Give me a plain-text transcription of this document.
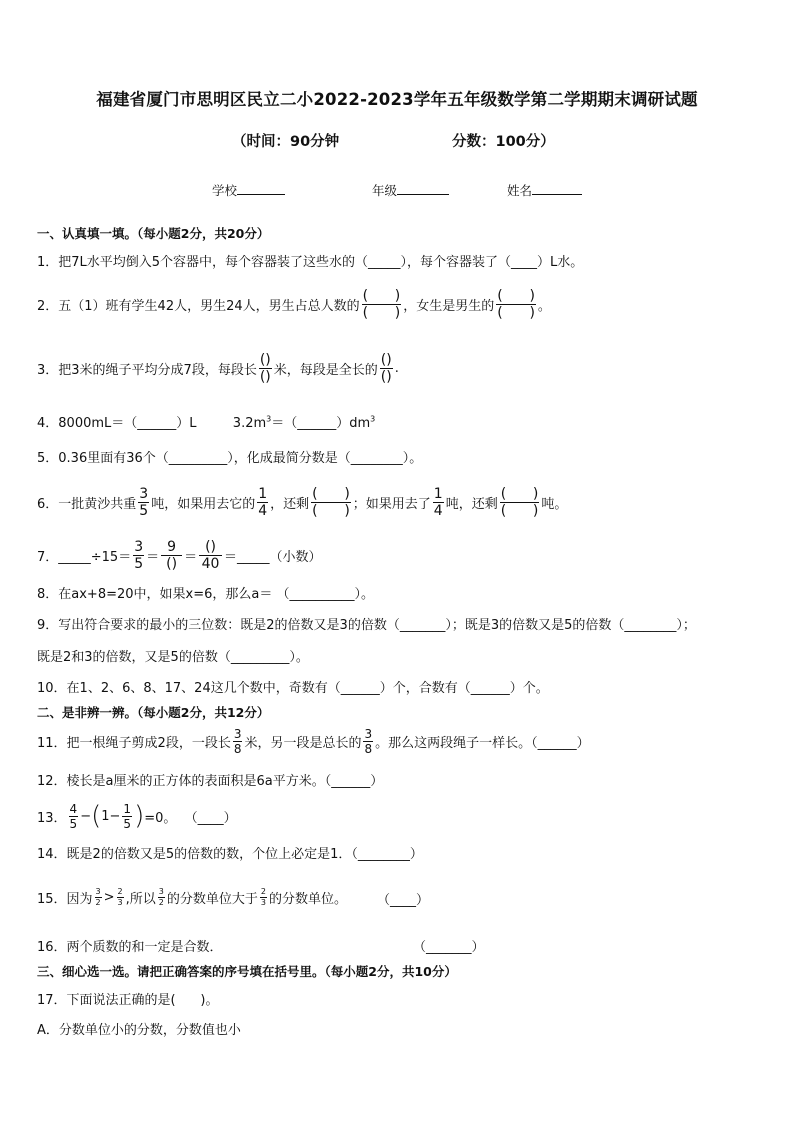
福建省厦门市思明区民立二小2022-2023学年五年级数学第二学期期末调研试题
（时间：90分钟	分数：100分）
学校	年级	姓名
一、认真填一填。（每小题2分，共20分）
1．把7L水平均倒入5个容器中，每个容器装了这些水的（_____），每个容器装了（____）L水。
2．五（1）班有学生42人，男生24人，男生占总人数的 $\frac{( )}{( )}$ ，女生是男生的 $\frac{( )}{( )}$ 。
3．把3米的绳子平均分成7段，每段长 $\frac{()}{()}$ 米，每段是全长的 $\frac{()}{()}$ .
4．8000mL＝（______）L	$3.2m^3=(\_\_\_\_\_\_)dm^3$
5．0.36里面有36个（_________），化成最简分数是（________）。
6．一批黄沙共重 $\frac{3}{5}$ 吨，如果用去它的 $\frac{1}{4}$ ，还剩 $\frac{( )}{( )}$ ；如果用去了 $\frac{1}{4}$ 吨，还剩 $\frac{( )}{( )}$ 吨。
7．_____÷15＝ $\frac{3}{5} = \frac{9}{()} = \frac{()}{40}$ ＝_____（小数）
8．在ax+8=20中，如果x=6，那么a＝ （__________）。
9．写出符合要求的最小的三位数：既是2的倍数又是3的倍数（_______）；既是3的倍数又是5的倍数（________）；
既是2和3的倍数，又是5的倍数（_________）。
10．在1、2、6、8、17、24这几个数中，奇数有（______）个，合数有（______）个。
二、是非辨一辨。（每小题2分，共12分）
11．把一根绳子剪成2段，一段长 $\frac{3}{8}$ 米，另一段是总长的 $\frac{3}{8}$ 。那么这两段绳子一样长。（______）
12．棱长是a厘米的正方体的表面积是6a平方米。（______）
13． $\frac{4}{5}$ − ( $1- \frac{1}{5}$ ) =0。  （____）
14．既是2的倍数又是5的倍数的数，个位上必定是1．（________）
15．因为 $\frac{3}{2} > \frac{2}{3}$ ,所以 $\frac{3}{2}$ 的分数单位大于 $\frac{2}{3}$ 的分数单位。 （____）
16．两个质数的和一定是合数．	（_______）
三、细心选一选。请把正确答案的序号填在括号里。（每小题2分，共10分）
17．下面说法正确的是(      )。
A．分数单位小的分数，分数值也小
